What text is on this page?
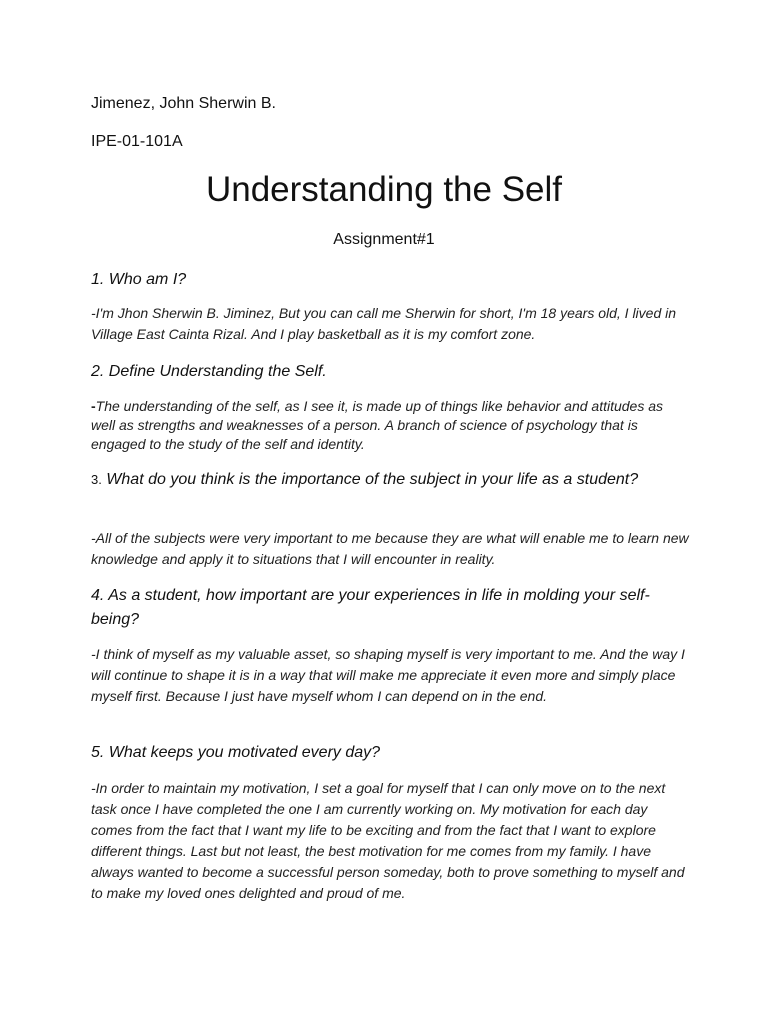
Jimenez, John Sherwin B.

IPE-01-101A

Understanding the Self

Assignment#1

1. Who am I?

-I'm Jhon Sherwin B. Jiminez, But you can call me Sherwin for short, I'm 18 years old, I lived in Village East Cainta Rizal. And I play basketball as it is my comfort zone.

2. Define Understanding the Self.

-The understanding of the self, as I see it, is made up of things like behavior and attitudes as well as strengths and weaknesses of a person. A branch of science of psychology that is engaged to the study of the self and identity.

3. What do you think is the importance of the subject in your life as a student?

-All of the subjects were very important to me because they are what will enable me to learn new knowledge and apply it to situations that I will encounter in reality.

4. As a student, how important are your experiences in life in molding your self-being?

-I think of myself as my valuable asset, so shaping myself is very important to me. And the way I will continue to shape it is in a way that will make me appreciate it even more and simply place myself first. Because I just have myself whom I can depend on in the end.

5. What keeps you motivated every day?

-In order to maintain my motivation, I set a goal for myself that I can only move on to the next task once I have completed the one I am currently working on. My motivation for each day comes from the fact that I want my life to be exciting and from the fact that I want to explore different things. Last but not least, the best motivation for me comes from my family. I have always wanted to become a successful person someday, both to prove something to myself and to make my loved ones delighted and proud of me.
